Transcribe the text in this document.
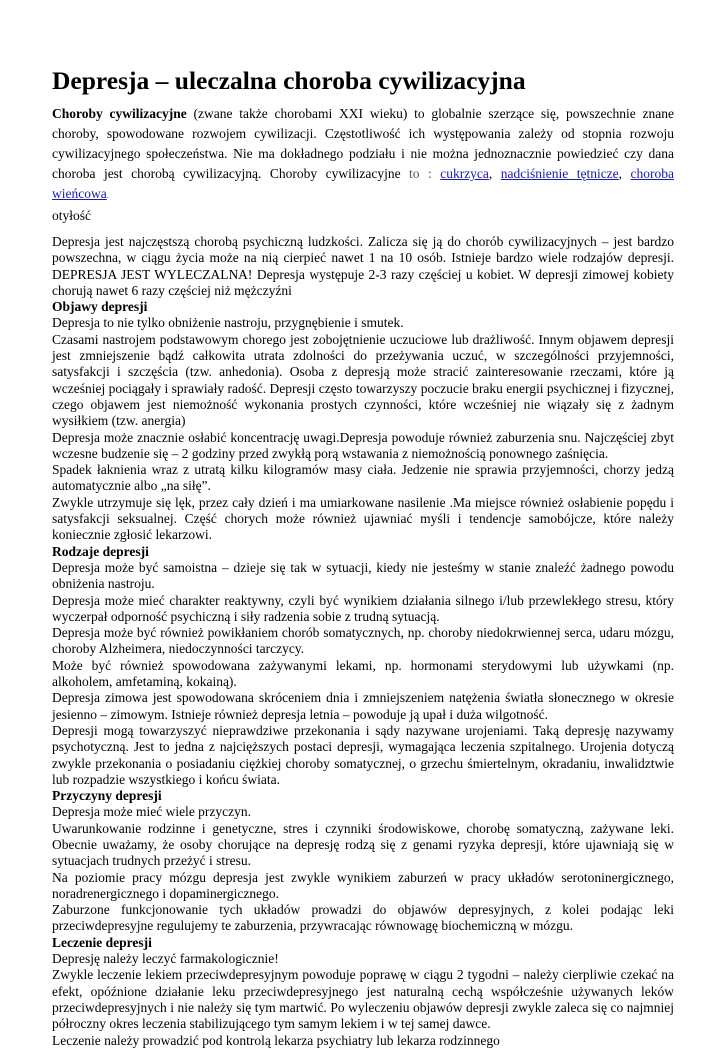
Depresja – uleczalna choroba cywilizacyjna

Choroby cywilizacyjne (zwane także chorobami XXI wieku) to globalnie szerzące się, powszechnie znane choroby, spowodowane rozwojem cywilizacji. Częstotliwość ich występowania zależy od stopnia rozwoju cywilizacyjnego społeczeństwa. Nie ma dokładnego podziału i nie można jednoznacznie powiedzieć czy dana choroba jest chorobą cywilizacyjną. Choroby cywilizacyjne to : cukrzyca, nadciśnienie tętnicze, choroba wieńcowa.
otyłość

Depresja jest najczęstszą chorobą psychiczną ludzkości. Zalicza się ją do chorób cywilizacyjnych – jest bardzo powszechna, w ciągu życia może na nią cierpieć nawet 1 na 10 osób. Istnieje bardzo wiele rodzajów depresji. DEPRESJA JEST WYLECZALNA! Depresja występuje 2-3 razy częściej u kobiet. W depresji zimowej kobiety chorują nawet 6 razy częściej niż mężczyźni

Objawy depresji

Depresja to nie tylko obniżenie nastroju, przygnębienie i smutek.

Czasami nastrojem podstawowym chorego jest zobojętnienie uczuciowe lub drażliwość. Innym objawem depresji jest zmniejszenie bądź całkowita utrata zdolności do przeżywania uczuć, w szczególności przyjemności, satysfakcji i szczęścia (tzw. anhedonia). Osoba z depresją może stracić zainteresowanie rzeczami, które ją wcześniej pociągały i sprawiały radość. Depresji często towarzyszy poczucie braku energii psychicznej i fizycznej, czego objawem jest niemożność wykonania prostych czynności, które wcześniej nie wiązały się z żadnym wysiłkiem (tzw. anergia)

Depresja może znacznie osłabić koncentrację uwagi.Depresja powoduje również zaburzenia snu. Najczęściej zbyt wczesne budzenie się – 2 godziny przed zwykłą porą wstawania z niemożnością ponownego zaśnięcia.

Spadek łaknienia wraz z utratą kilku kilogramów masy ciała. Jedzenie nie sprawia przyjemności, chorzy jedzą automatycznie albo „na siłę”.

Zwykle utrzymuje się lęk, przez cały dzień i ma umiarkowane nasilenie .Ma miejsce również osłabienie popędu i satysfakcji seksualnej. Część chorych może również ujawniać myśli i tendencje samobójcze, które należy koniecznie zgłosić lekarzowi.

Rodzaje depresji

Depresja może być samoistna – dzieje się tak w sytuacji, kiedy nie jesteśmy w stanie znaleźć żadnego powodu obniżenia nastroju.

Depresja może mieć charakter reaktywny, czyli być wynikiem działania silnego i/lub przewlekłego stresu, który wyczerpał odporność psychiczną i siły radzenia sobie z trudną sytuacją.

Depresja może być również powikłaniem chorób somatycznych, np. choroby niedokrwiennej serca, udaru mózgu, choroby Alzheimera, niedoczynności tarczycy.

Może być również spowodowana zażywanymi lekami, np. hormonami sterydowymi lub używkami (np. alkoholem, amfetaminą, kokainą).

Depresja zimowa jest spowodowana skróceniem dnia i zmniejszeniem natężenia światła słonecznego w okresie jesienno – zimowym. Istnieje również depresja letnia – powoduje ją upał i duża wilgotność.

Depresji mogą towarzyszyć nieprawdziwe przekonania i sądy nazywane urojeniami. Taką depresję nazywamy psychotyczną. Jest to jedna z najcięższych postaci depresji, wymagająca leczenia szpitalnego. Urojenia dotyczą zwykle przekonania o posiadaniu ciężkiej choroby somatycznej, o grzechu śmiertelnym, okradaniu, inwalidztwie lub rozpadzie wszystkiego i końcu świata.

Przyczyny depresji

Depresja może mieć wiele przyczyn.

Uwarunkowanie rodzinne i genetyczne, stres i czynniki środowiskowe, chorobę somatyczną, zażywane leki. Obecnie uważamy, że osoby chorujące na depresję rodzą się z genami ryzyka depresji, które ujawniają się w sytuacjach trudnych przeżyć i stresu.

Na poziomie pracy mózgu depresja jest zwykle wynikiem zaburzeń w pracy układów serotoninergicznego, noradrenergicznego i dopaminergicznego.

Zaburzone funkcjonowanie tych układów prowadzi do objawów depresyjnych, z kolei podając leki przeciwdepresyjne regulujemy te zaburzenia, przywracając równowagę biochemiczną w mózgu.

Leczenie depresji

Depresję należy leczyć farmakologicznie!

Zwykle leczenie lekiem przeciwdepresyjnym powoduje poprawę w ciągu 2 tygodni – należy cierpliwie czekać na efekt, opóźnione działanie leku przeciwdepresyjnego jest naturalną cechą współcześnie używanych leków przeciwdepresyjnych i nie należy się tym martwić. Po wyleczeniu objawów depresji zwykle zaleca się co najmniej półroczny okres leczenia stabilizującego tym samym lekiem i w tej samej dawce.

Leczenie należy prowadzić pod kontrolą lekarza psychiatry lub lekarza rodzinnego
